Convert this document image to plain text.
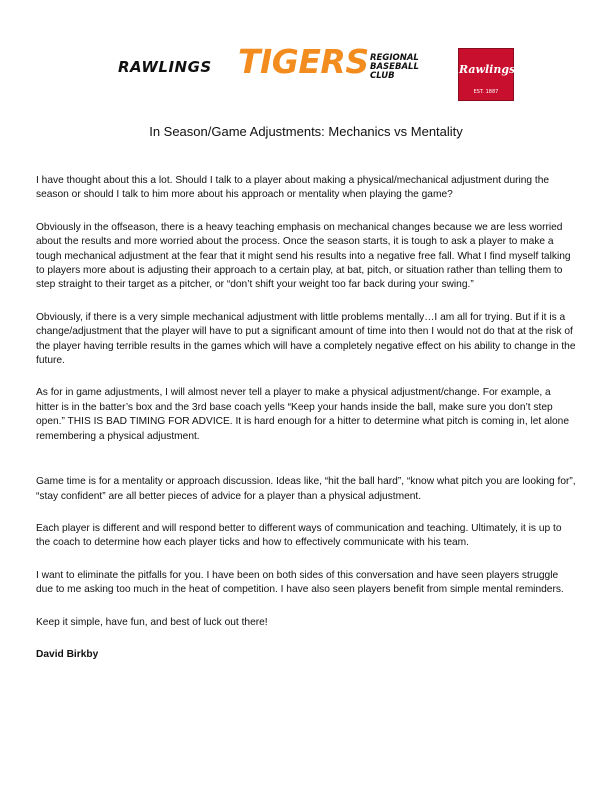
RAWLINGS TIGERS REGIONAL
BASEBALL
CLUB	Rawlings
EST. 1887
In Season/Game Adjustments: Mechanics vs Mentality

I have thought about this a lot. Should I talk to a player about making a physical/mechanical adjustment during the season or should I talk to him more about his approach or mentality when playing the game?

Obviously in the offseason, there is a heavy teaching emphasis on mechanical changes because we are less worried about the results and more worried about the process. Once the season starts, it is tough to ask a player to make a tough mechanical adjustment at the fear that it might send his results into a negative free fall. What I find myself talking to players more about is adjusting their approach to a certain play, at bat, pitch, or situation rather than telling them to step straight to their target as a pitcher, or “don’t shift your weight too far back during your swing.”

Obviously, if there is a very simple mechanical adjustment with little problems mentally…I am all for trying. But if it is a change/adjustment that the player will have to put a significant amount of time into then I would not do that at the risk of the player having terrible results in the games which will have a completely negative effect on his ability to change in the future.

As for in game adjustments, I will almost never tell a player to make a physical adjustment/change. For example, a hitter is in the batter’s box and the 3rd base coach yells “Keep your hands inside the ball, make sure you don’t step open.” THIS IS BAD TIMING FOR ADVICE. It is hard enough for a hitter to determine what pitch is coming in, let alone remembering a physical adjustment.

Game time is for a mentality or approach discussion. Ideas like, “hit the ball hard”, “know what pitch you are looking for”, “stay confident” are all better pieces of advice for a player than a physical adjustment.

Each player is different and will respond better to different ways of communication and teaching. Ultimately, it is up to the coach to determine how each player ticks and how to effectively communicate with his team.

I want to eliminate the pitfalls for you. I have been on both sides of this conversation and have seen players struggle due to me asking too much in the heat of competition. I have also seen players benefit from simple mental reminders.

Keep it simple, have fun, and best of luck out there!

David Birkby
